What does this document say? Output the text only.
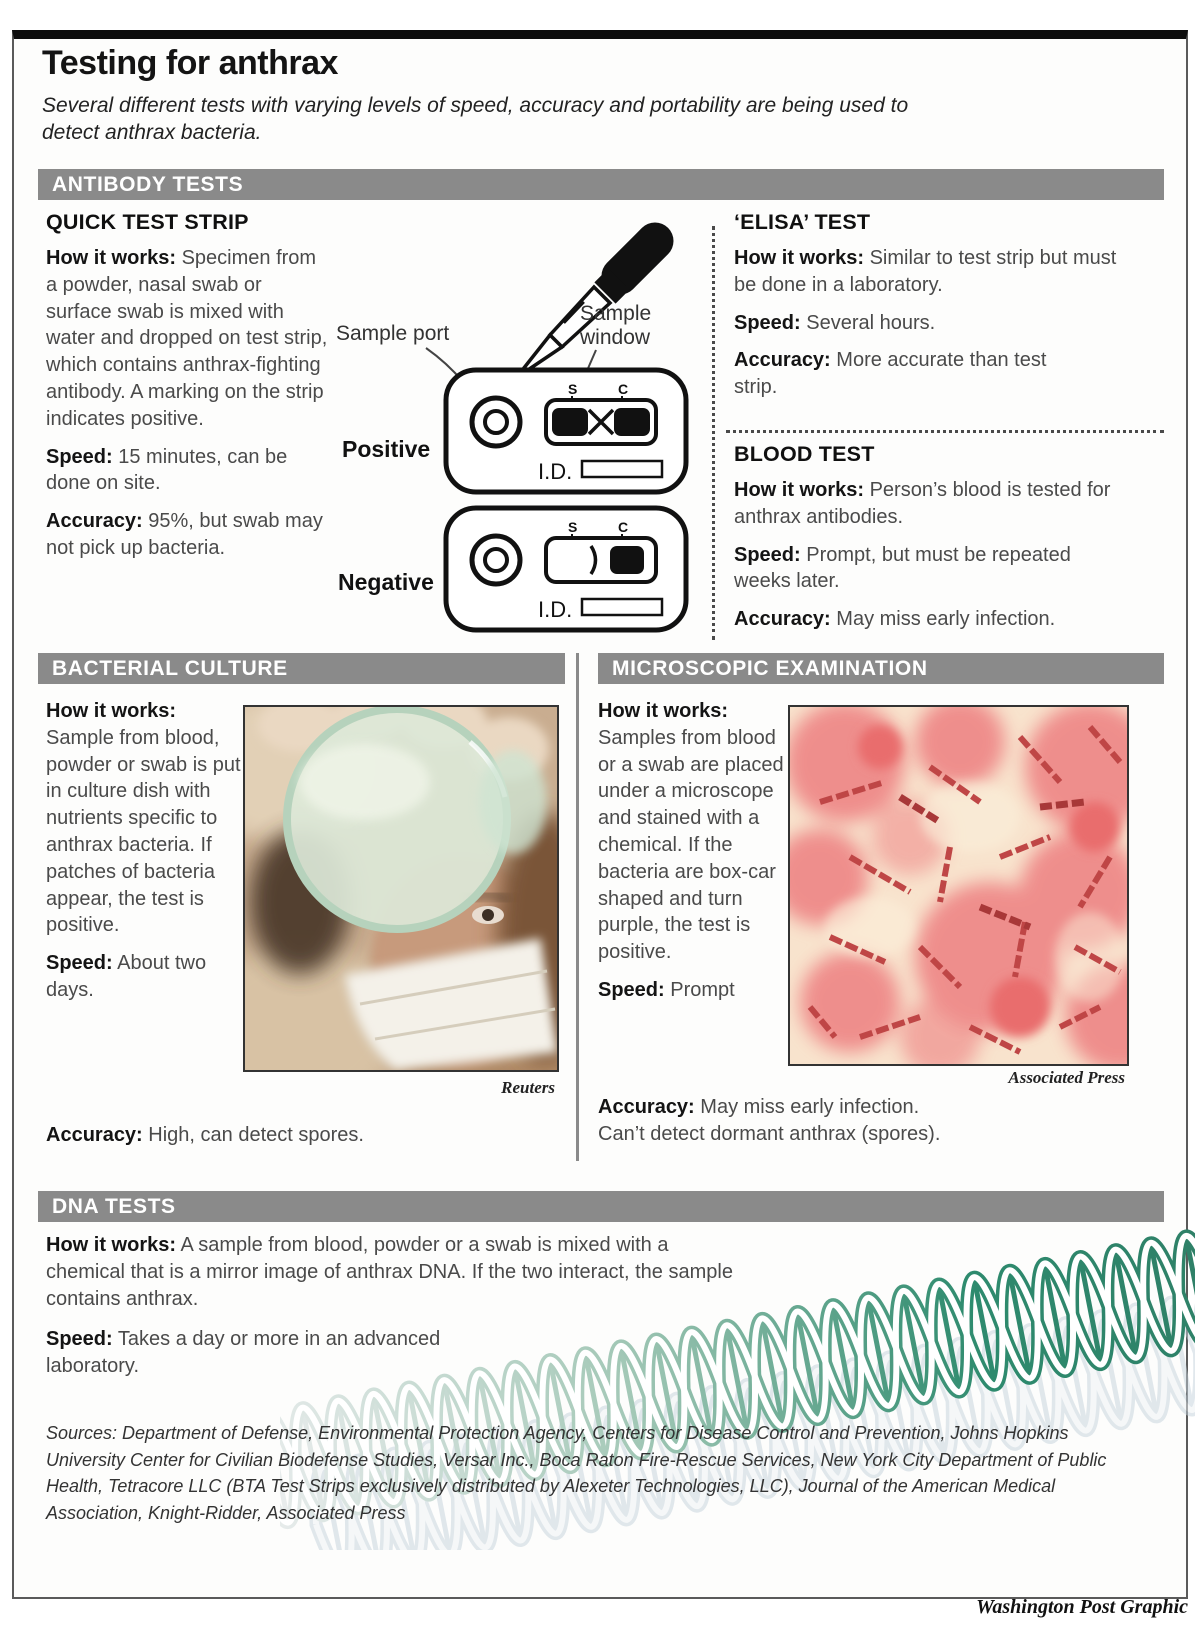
Testing for anthrax
Several different tests with varying levels of speed, accuracy and portability are being used to detect anthrax bacteria.
ANTIBODY TESTS
QUICK TEST STRIP

How it works: Specimen from a powder, nasal swab or surface swab is mixed with water and dropped on test strip, which contains anthrax-fighting antibody. A marking on the strip indicates positive.

Speed: 15 minutes, can be done on site.

Accuracy: 95%, but swab may not pick up bacteria.

Sample port
Sample
window
Positive
Negative
S	C
I.D.
S	C
I.D.
‘ELISA’ TEST

How it works: Similar to test strip but must be done in a laboratory.

Speed: Several hours.

Accuracy: More accurate than test strip.

BLOOD TEST

How it works: Person’s blood is tested for anthrax antibodies.

Speed: Prompt, but must be repeated weeks later.

Accuracy: May miss early infection.

BACTERIAL CULTURE	MICROSCOPIC EXAMINATION

How it works: Sample from blood, powder or swab is put in culture dish with nutrients specific to anthrax bacteria. If patches of bacteria appear, the test is positive.

Speed: About two days.

Reuters

Accuracy: High, can detect spores.

How it works: Samples from blood or a swab are placed under a microscope and stained with a chemical. If the bacteria are box-car shaped and turn purple, the test is positive.

Speed: Prompt

Associated Press

Accuracy: May miss early infection.
Can’t detect dormant anthrax (spores).

DNA TESTS

How it works: A sample from blood, powder or a swab is mixed with a chemical that is a mirror image of anthrax DNA. If the two interact, the sample contains anthrax.

Speed: Takes a day or more in an advanced laboratory.

Sources: Department of Defense, Environmental Protection Agency, Centers for Disease Control and Prevention, Johns Hopkins University Center for Civilian Biodefense Studies, Versar Inc., Boca Raton Fire-Rescue Services, New York City Department of Public Health, Tetracore LLC (BTA Test Strips exclusively distributed by Alexeter Technologies, LLC), Journal of the American Medical Association, Knight-Ridder, Associated Press
Washington Post Graphic
